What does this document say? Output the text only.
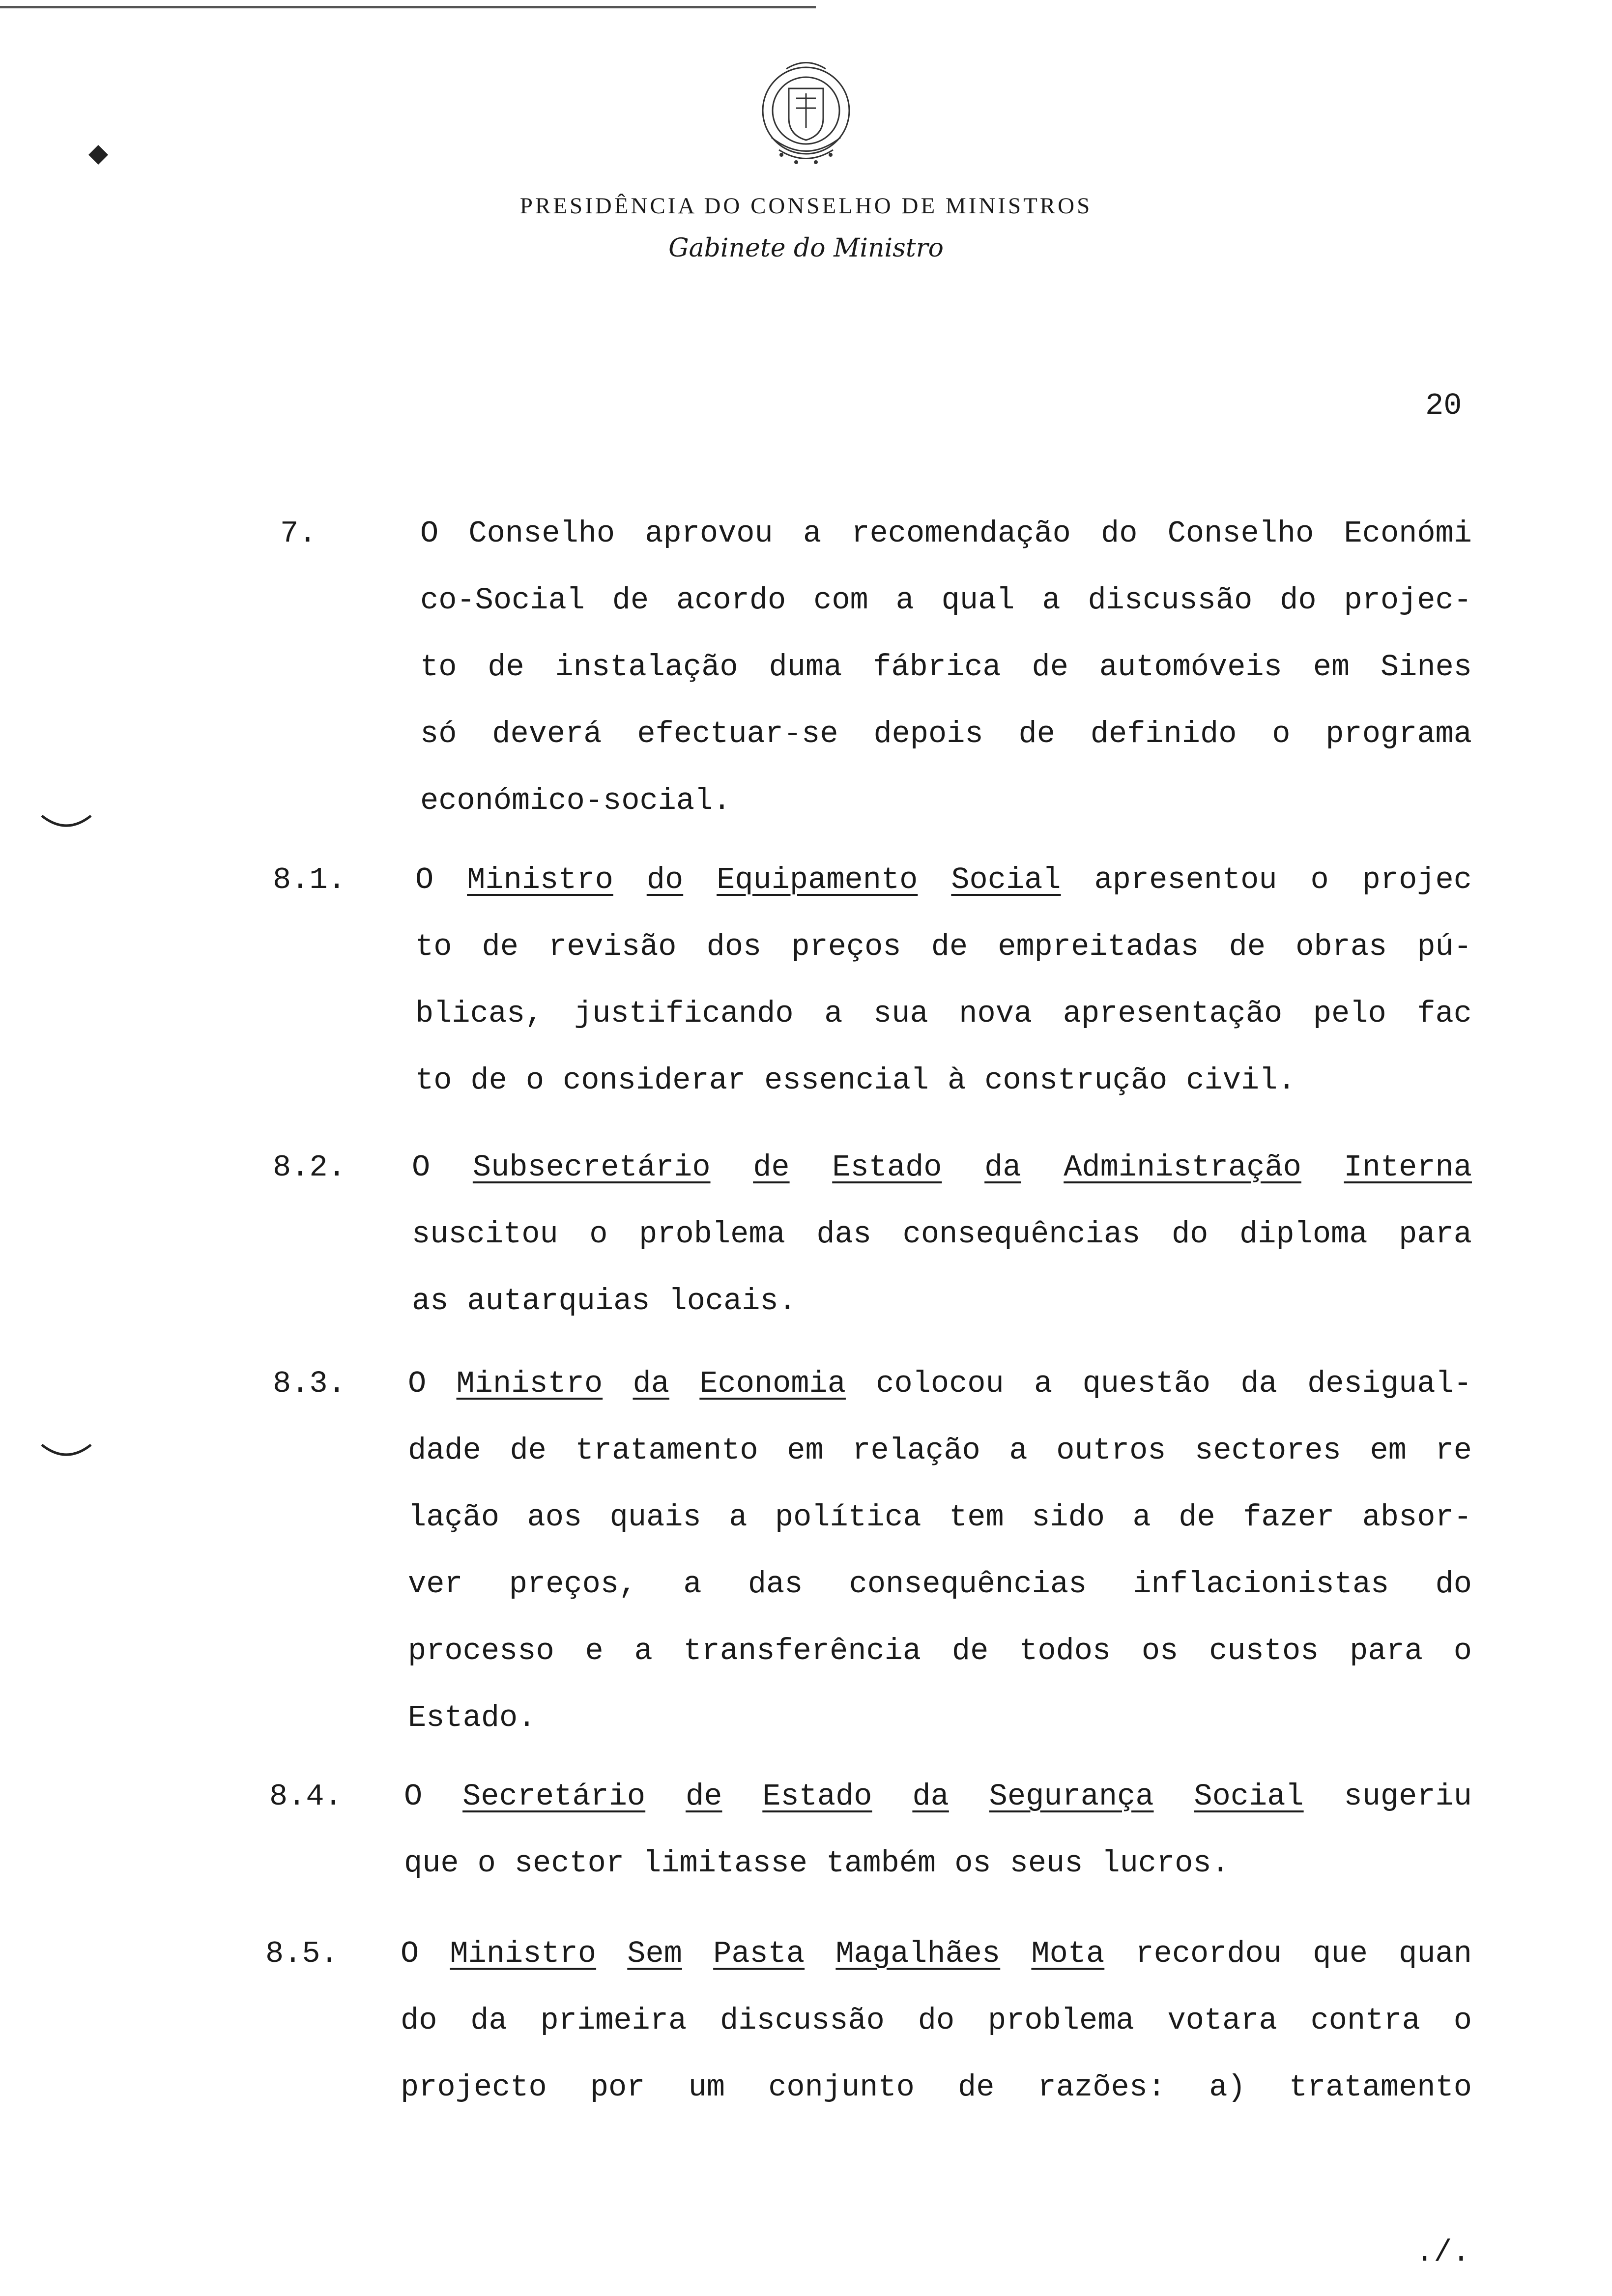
PRESIDÊNCIA DO CONSELHO DE MINISTROS
Gabinete do Ministro
20
7.	O Conselho aprovou a recomendação do Conselho Económi
co-Social de acordo com a qual a discussão do projec-
to de instalação duma fábrica de automóveis em Sines
só deverá efectuar-se depois de definido o programa
económico-social.
8.1. O Ministro do Equipamento Social apresentou o projec
to de revisão dos preços de empreitadas de obras pú-
blicas, justificando a sua nova apresentação pelo fac
to de o considerar essencial à construção civil.
8.2. O Subsecretário de Estado da Administração Interna
suscitou o problema das consequências do diploma para
as autarquias locais.
8.3. O Ministro da Economia colocou a questão da desigual-
dade de tratamento em relação a outros sectores em re
lação aos quais a política tem sido a de fazer absor-
ver preços, a das consequências inflacionistas do
processo e a transferência de todos os custos para o
Estado.
8.4. O Secretário de Estado da Segurança Social sugeriu
que o sector limitasse também os seus lucros.
8.5. O Ministro Sem Pasta Magalhães Mota recordou que quan
do da primeira discussão do problema votara contra o
projecto por um conjunto de razões: a) tratamento
./.
